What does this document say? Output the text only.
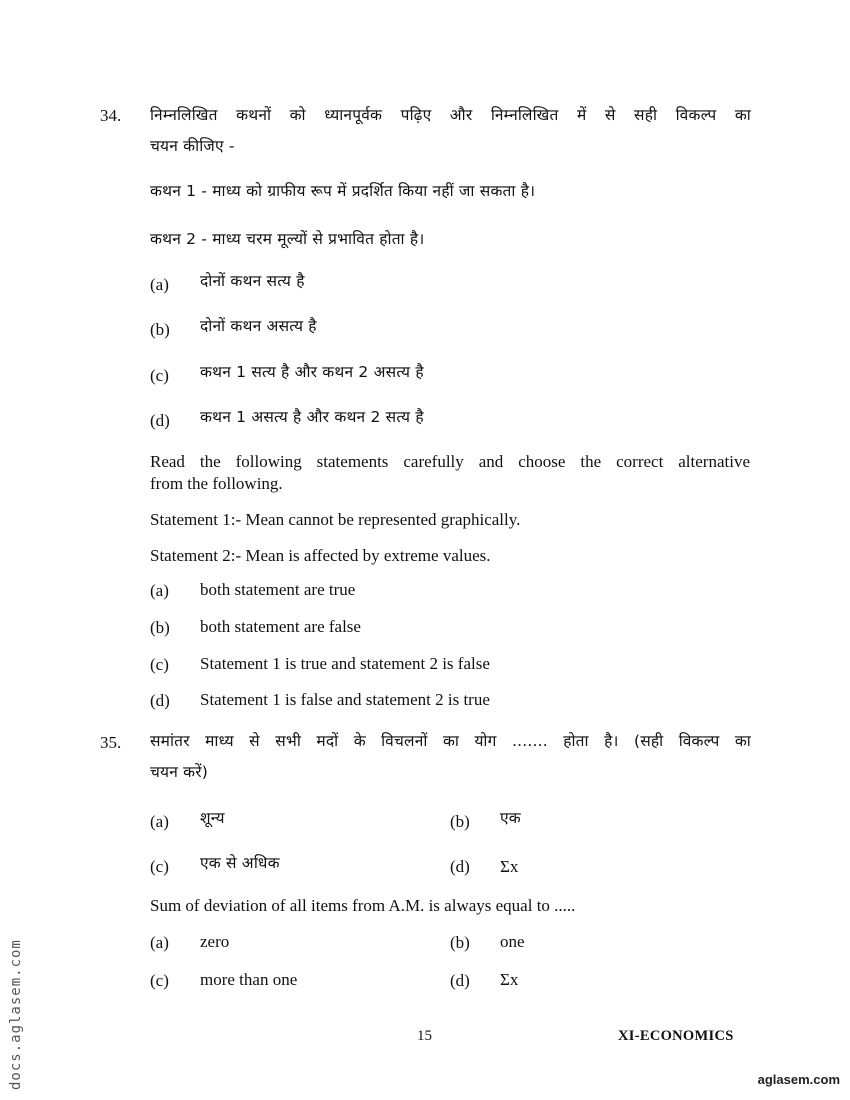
34. निम्नलिखित कथनों को ध्यानपूर्वक पढ़िए और निम्नलिखित में से सही विकल्प का
चयन कीजिए -
कथन 1 - माध्य को ग्राफीय रूप में प्रदर्शित किया नहीं जा सकता है।
कथन 2 - माध्य चरम मूल्यों से प्रभावित होता है।
(a) दोनों कथन सत्य है
(b) दोनों कथन असत्य है
(c) कथन 1 सत्य है और कथन 2 असत्य है
(d) कथन 1 असत्य है और कथन 2 सत्य है
Read the following statements carefully and choose the correct alternative
from the following.
Statement 1:- Mean cannot be represented graphically.
Statement 2:- Mean is affected by extreme values.
(a) both statement are true
(b) both statement are false
(c) Statement 1 is true and statement 2 is false
(d) Statement 1 is false and statement 2 is true
35. समांतर माध्य से सभी मदों के विचलनों का योग ....... होता है। (सही विकल्प का
चयन करें)
(a) शून्य	(b) एक
(c) एक से अधिक	(d) Σx
Sum of deviation of all items from A.M. is always equal to .....
(a) zero	(b) one
(c) more than one	(d) Σx
15	XI-ECONOMICS
docs.aglasem.com	aglasem.com
